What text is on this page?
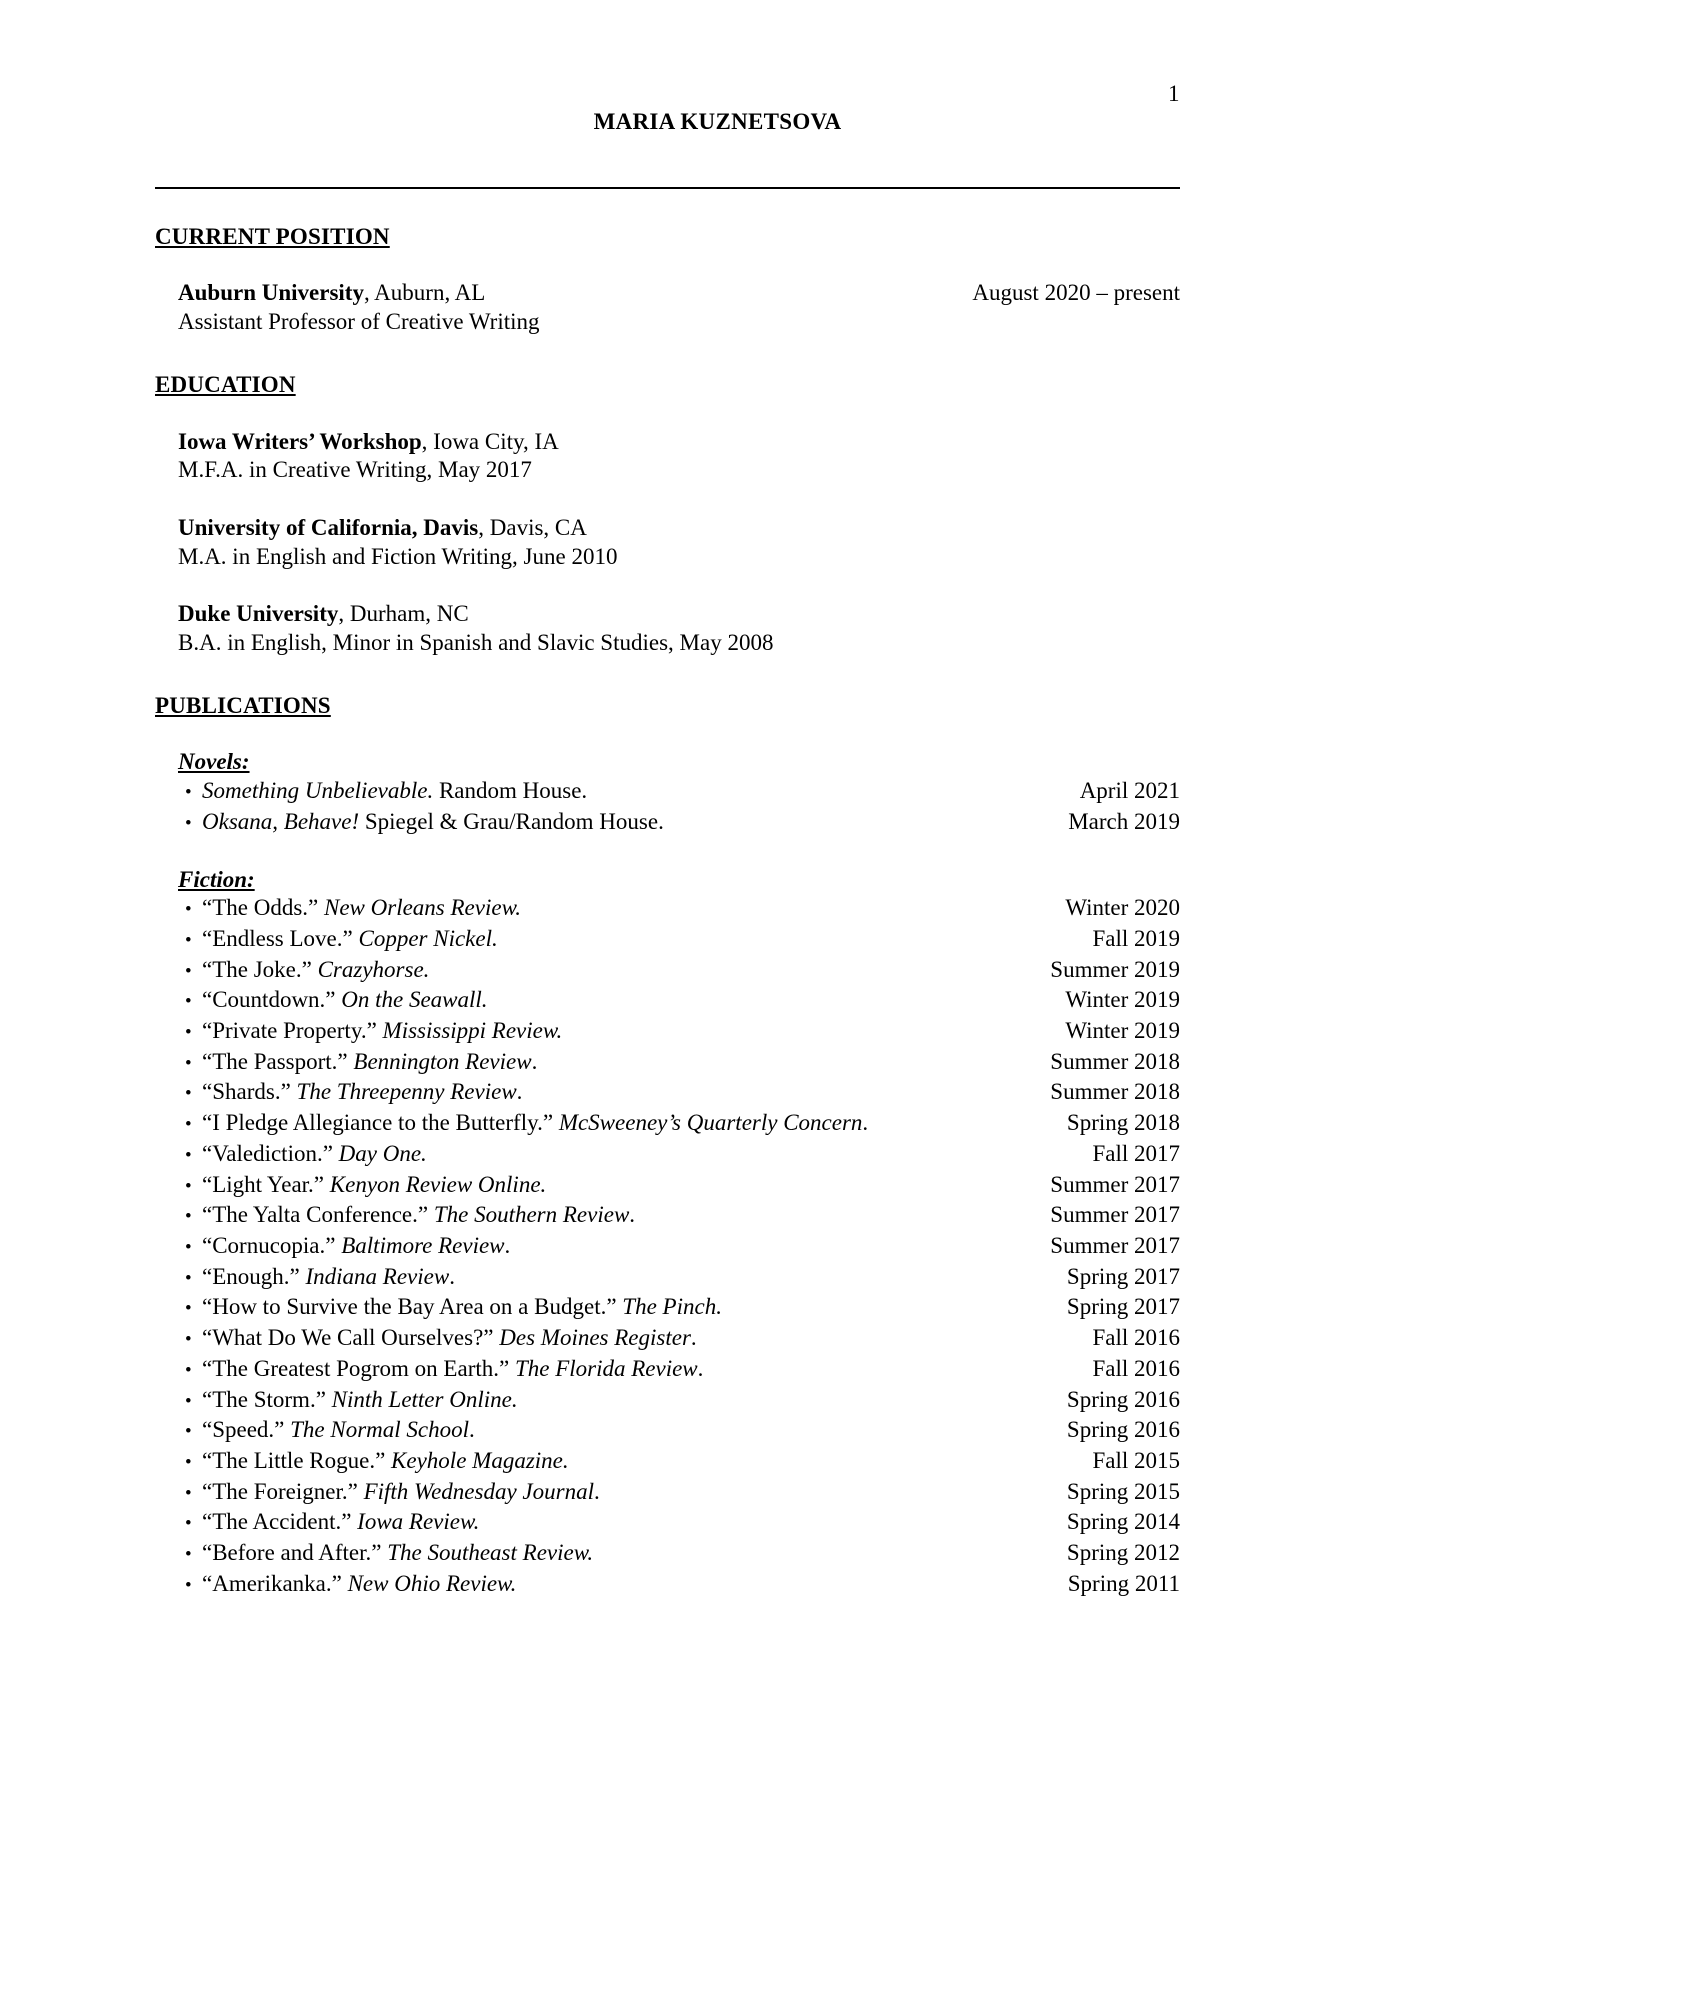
1
MARIA KUZNETSOVA
CURRENT POSITION
Auburn University , Auburn, AL	August 2020 – present
Assistant Professor of Creative Writing
EDUCATION
Iowa Writers’ Workshop , Iowa City, IA
M.F.A. in Creative Writing, May 2017
University of California, Davis , Davis, CA
M.A. in English and Fiction Writing, June 2010
Duke University , Durham, NC
B.A. in English, Minor in Spanish and Slavic Studies, May 2008
PUBLICATIONS
Novels:
• Something Unbelievable. Random House.	April 2021
• Oksana, Behave! Spiegel & Grau/Random House.	March 2019
Fiction:
• “The Odds.” New Orleans Review.	Winter 2020
• “Endless Love.” Copper Nickel.	Fall 2019
• “The Joke.” Crazyhorse.	Summer 2019
• “Countdown.” On the Seawall.	Winter 2019
• “Private Property.” Mississippi Review.	Winter 2019
• “The Passport.” Bennington Review.	Summer 2018
• “Shards.” The Threepenny Review.	Summer 2018
• “I Pledge Allegiance to the Butterfly.” McSweeney’s Quarterly Concern.	Spring 2018
• “Valediction.” Day One.	Fall 2017
• “Light Year.” Kenyon Review Online.	Summer 2017
• “The Yalta Conference.” The Southern Review.	Summer 2017
• “Cornucopia.” Baltimore Review.	Summer 2017
• “Enough.” Indiana Review.	Spring 2017
• “How to Survive the Bay Area on a Budget.” The Pinch.	Spring 2017
• “What Do We Call Ourselves?” Des Moines Register.	Fall 2016
• “The Greatest Pogrom on Earth.” The Florida Review.	Fall 2016
• “The Storm.” Ninth Letter Online.	Spring 2016
• “Speed.” The Normal School.	Spring 2016
• “The Little Rogue.” Keyhole Magazine.	Fall 2015
• “The Foreigner.” Fifth Wednesday Journal.	Spring 2015
• “The Accident.” Iowa Review.	Spring 2014
• “Before and After.” The Southeast Review.	Spring 2012
• “Amerikanka.” New Ohio Review.	Spring 2011
